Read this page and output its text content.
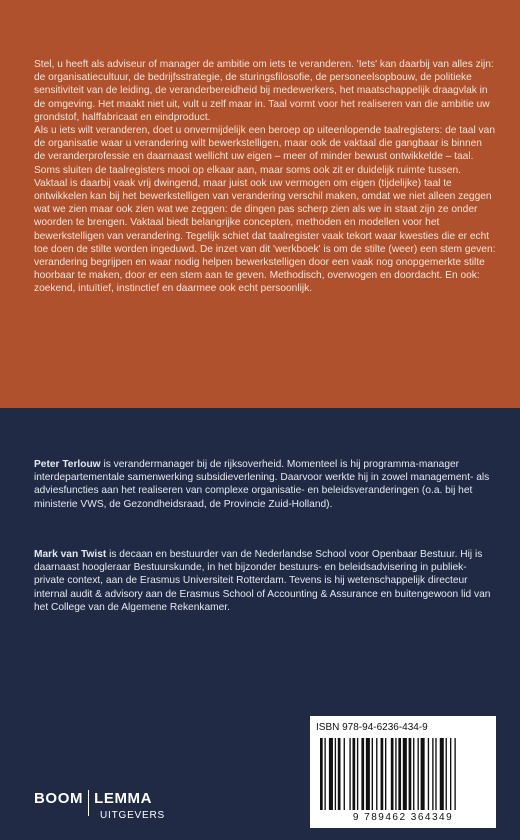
Stel, u heeft als adviseur of manager de ambitie om iets te veranderen. 'Iets' kan daarbij van alles zijn: de organisatiecultuur, de bedrijfsstrategie, de sturingsfilosofie, de personeelsopbouw, de politieke sensitiviteit van de leiding, de veranderbereidheid bij medewerkers, het maatschappelijk draagvlak in de omgeving. Het maakt niet uit, vult u zelf maar in. Taal vormt voor het realiseren van die ambitie uw grondstof, halffabricaat en eindproduct.

Als u iets wilt veranderen, doet u onvermijdelijk een beroep op uiteenlopende taalregisters: de taal van de organisatie waar u verandering wilt bewerkstelligen, maar ook de vaktaal die gangbaar is binnen de veranderprofessie en daarnaast wellicht uw eigen – meer of minder bewust ontwikkelde – taal. Soms sluiten de taalregisters mooi op elkaar aan, maar soms ook zit er duidelijk ruimte tussen. Vaktaal is daarbij vaak vrij dwingend, maar juist ook uw vermogen om eigen (tijdelijke) taal te ontwikkelen kan bij het bewerkstelligen van verandering verschil maken, omdat we niet alleen zeggen wat we zien maar ook zien wat we zeggen: de dingen pas scherp zien als we in staat zijn ze onder woorden te brengen. Vaktaal biedt belangrijke concepten, methoden en modellen voor het bewerkstelligen van verandering. Tegelijk schiet dat taalregister vaak tekort waar kwesties die er echt toe doen de stilte worden ingeduwd. De inzet van dit 'werkboek' is om de stilte (weer) een stem geven: verandering begrijpen en waar nodig helpen bewerkstelligen door een vaak nog onopgemerkte stilte hoorbaar te maken, door er een stem aan te geven. Methodisch, overwogen en doordacht. En ook: zoekend, intuïtief, instinctief en daarmee ook echt persoonlijk.

Peter Terlouw is verandermanager bij de rijksoverheid. Momenteel is hij programma-manager interdepartementale samenwerking subsidieverlening. Daarvoor werkte hij in zowel management- als adviesfuncties aan het realiseren van complexe organisatie- en beleidsveranderingen (o.a. bij het ministerie VWS, de Gezondheidsraad, de Provincie Zuid-Holland).

Mark van Twist is decaan en bestuurder van de Nederlandse School voor Openbaar Bestuur. Hij is daarnaast hoogleraar Bestuurskunde, in het bijzonder bestuurs- en beleidsadvisering in publiek-private context, aan de Erasmus Universiteit Rotterdam. Tevens is hij wetenschappelijk directeur internal audit & advisory aan de Erasmus School of Accounting & Assurance en buitengewoon lid van het College van de Algemene Rekenkamer.

ISBN 978-94-6236-434-9
9 789462 364349
BOOM LEMMA
UITGEVERS
